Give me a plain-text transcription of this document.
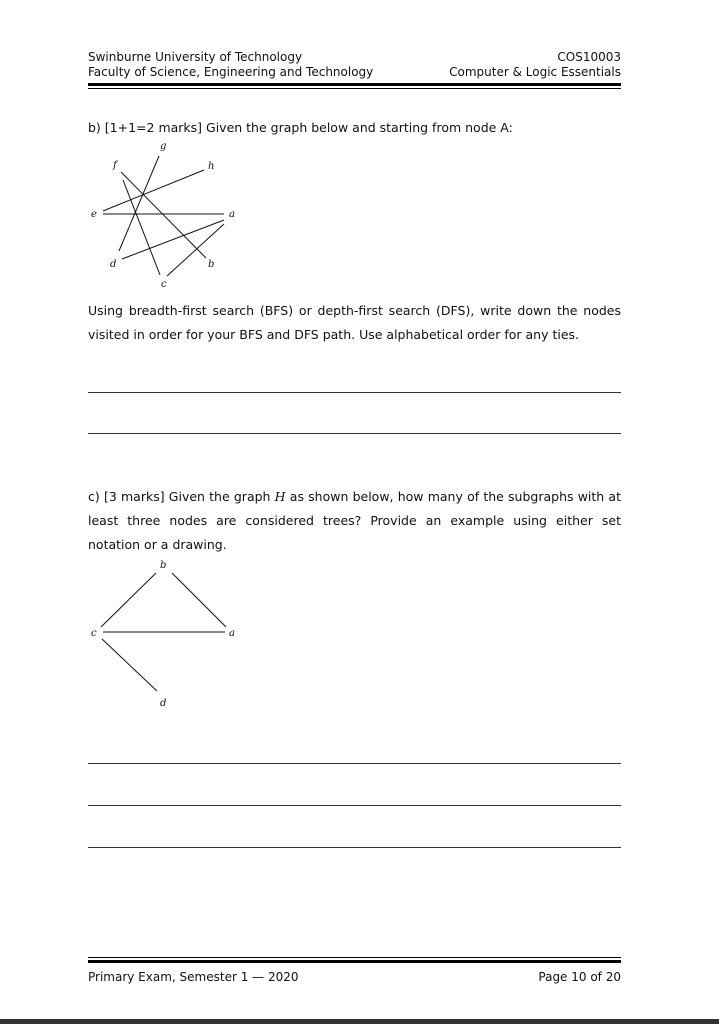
Swinburne University of Technology
Faculty of Science, Engineering and Technology
COS10003
Computer & Logic Essentials
b) [1+1=2 marks] Given the graph below and starting from node A:
g
f	h
e	a
d	b
c
Using breadth-first search (BFS) or depth-first search (DFS), write down the nodes visited in order for your BFS and DFS path. Use alphabetical order for any ties.
c) [3 marks] Given the graph H as shown below, how many of the subgraphs with at least three nodes are considered trees? Provide an example using either set notation or a drawing.
b
c	a
d
Primary Exam, Semester 1 — 2020	Page 10 of 20
